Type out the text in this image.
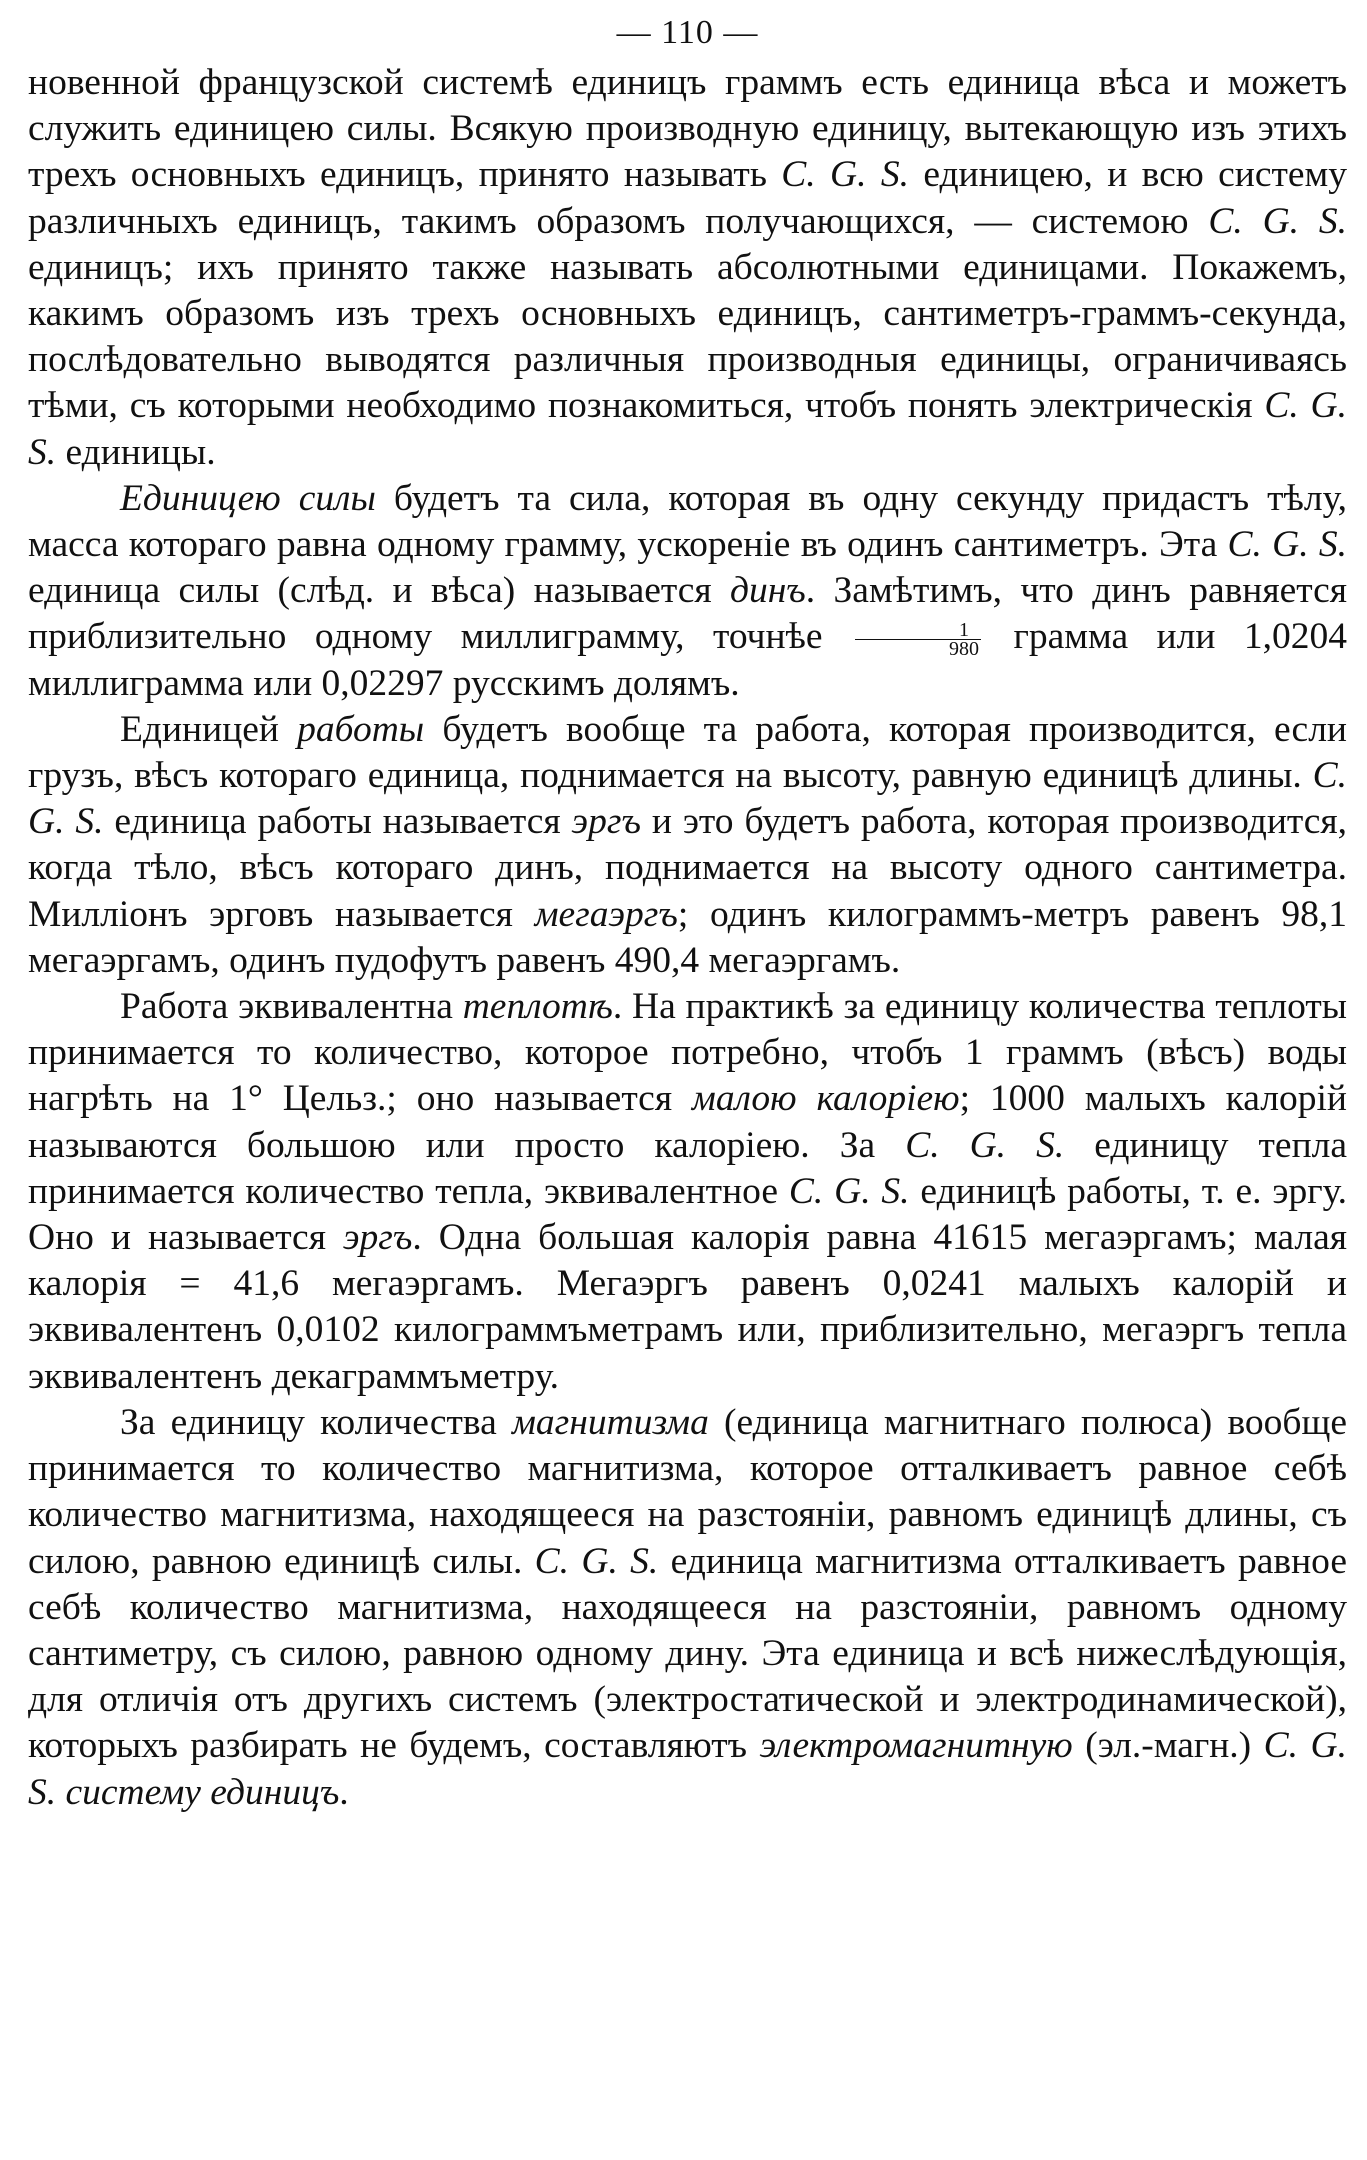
— 110 —

новенной французской системѣ единицъ граммъ есть единица вѣса и можетъ служить единицею силы. Всякую производную единицу, вытекающую изъ этихъ трехъ основныхъ единицъ, принято называть C. G. S. единицею, и всю систему различныхъ единицъ, такимъ образомъ получающихся, — системою C. G. S. единицъ; ихъ принято также называть абсолютными единицами. Покажемъ, какимъ образомъ изъ трехъ основныхъ единицъ, сантиметръ-граммъ-секунда, послѣдовательно выводятся различныя производныя единицы, ограничиваясь тѣми, съ которыми необходимо познакомиться, чтобъ понять электрическія C. G. S. единицы.

Единицею силы будетъ та сила, которая въ одну секунду придастъ тѣлу, масса котораго равна одному грамму, ускореніе въ одинъ сантиметръ. Эта C. G. S. единица силы (слѣд. и вѣса) называется динъ. Замѣтимъ, что динъ равняется приблизительно одному миллиграмму, точнѣе $\frac{1}{980}$ грамма или 1,0204 миллиграмма или 0,02297 русскимъ долямъ.

Единицей работы будетъ вообще та работа, которая производится, если грузъ, вѣсъ котораго единица, поднимается на высоту, равную единицѣ длины. C. G. S. единица работы называется эргъ и это будетъ работа, которая производится, когда тѣло, вѣсъ котораго динъ, поднимается на высоту одного сантиметра. Милліонъ эрговъ называется мегаэргъ; одинъ килограммъ-метръ равенъ 98,1 мегаэргамъ, одинъ пудофутъ равенъ 490,4 мегаэргамъ.

Работа эквивалентна теплотѣ. На практикѣ за единицу количества теплоты принимается то количество, которое потребно, чтобъ 1 граммъ (вѣсъ) воды нагрѣть на 1° Цельз.; оно называется малою калоріею; 1000 малыхъ калорій называются большою или просто калоріею. За C. G. S. единицу тепла принимается количество тепла, эквивалентное C. G. S. единицѣ работы, т. е. эргу. Оно и называется эргъ. Одна большая калорія равна 41615 мегаэргамъ; малая калорія = 41,6 мегаэргамъ. Мегаэргъ равенъ 0,0241 малыхъ калорій и эквивалентенъ 0,0102 килограммъметрамъ или, приблизительно, мегаэргъ тепла эквивалентенъ декаграммъметру.

За единицу количества магнитизма (единица магнитнаго полюса) вообще принимается то количество магнитизма, которое отталкиваетъ равное себѣ количество магнитизма, находящееся на разстояніи, равномъ единицѣ длины, съ силою, равною единицѣ силы. C. G. S. единица магнитизма отталкиваетъ равное себѣ количество магнитизма, находящееся на разстояніи, равномъ одному сантиметру, съ силою, равною одному дину. Эта единица и всѣ нижеслѣдующія, для отличія отъ другихъ системъ (электростатической и электродинамической), которыхъ разбирать не будемъ, составляютъ электромагнитную (эл.-магн.) C. G. S. систему единицъ.
